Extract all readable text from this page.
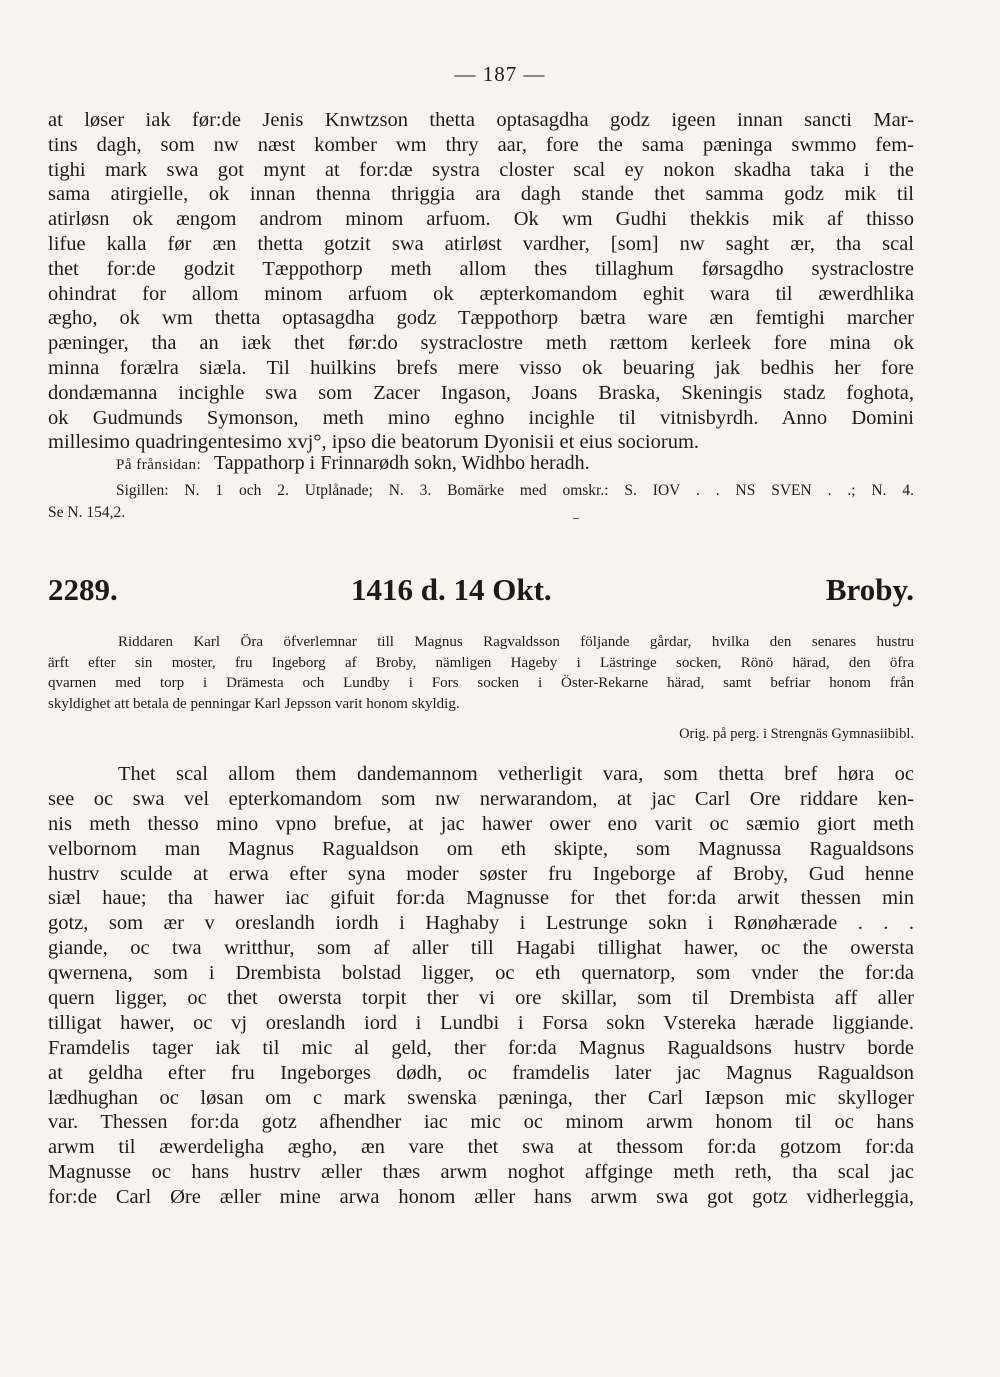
— 187 —
at løser iak før:de Jenis Knwtzson thetta optasagdha godz igeen innan sancti Mar-
tins dagh, som nw næst komber wm thry aar, fore the sama pæninga swmmo fem-
tighi mark swa got mynt at for:dæ systra closter scal ey nokon skadha taka i the
sama atirgielle, ok innan thenna thriggia ara dagh stande thet samma godz mik til
atirløsn ok ængom androm minom arfuom. Ok wm Gudhi thekkis mik af thisso
lifue kalla før æn thetta gotzit swa atirløst vardher, [som] nw saght ær, tha scal
thet for:de godzit Tæppothorp meth allom thes tillaghum førsagdho systraclostre
ohindrat for allom minom arfuom ok æpterkomandom eghit wara til æwerdhlika
ægho, ok wm thetta optasagdha godz Tæppothorp bætra ware æn femtighi marcher
pæninger, tha an iæk thet før:do systraclostre meth rættom kerleek fore mina ok
minna forælra siæla. Til huilkins brefs mere visso ok beuaring jak bedhis her fore
dondæmanna incighle swa som Zacer Ingason, Joans Braska, Skeningis stadz foghota,
ok Gudmunds Symonson, meth mino eghno incighle til vitnisbyrdh. Anno Domini
millesimo quadringentesimo xvj°, ipso die beatorum Dyonisii et eius sociorum.
På frånsidan: Tappathorp i Frinnarødh sokn, Widhbo heradh.
Sigillen: N. 1 och 2. Utplånade; N. 3. Bomärke med omskr.: S. IOV . . NS SVEN . .; N. 4.
Se N. 154,2.
2289.	1416 d. 14 Okt.	Broby.
Riddaren Karl Öra öfverlemnar till Magnus Ragvaldsson följande gårdar, hvilka den senares hustru
ärft efter sin moster, fru Ingeborg af Broby, nämligen Hageby i Lästringe socken, Rönö härad, den öfra
qvarnen med torp i Drämesta och Lundby i Fors socken i Öster-Rekarne härad, samt befriar honom från
skyldighet att betala de penningar Karl Jepsson varit honom skyldig.
Orig. på perg. i Strengnäs Gymnasiibibl.
Thet scal allom them dandemannom vetherligit vara, som thetta bref høra oc
see oc swa vel epterkomandom som nw nerwarandom, at jac Carl Ore riddare ken-
nis meth thesso mino vpno brefue, at jac hawer ower eno varit oc sæmio giort meth
velbornom man Magnus Ragualdson om eth skipte, som Magnussa Ragualdsons
hustrv sculde at erwa efter syna moder søster fru Ingeborge af Broby, Gud henne
siæl haue; tha hawer iac gifuit for:da Magnusse for thet for:da arwit thessen min
gotz, som ær v oreslandh iordh i Haghaby i Lestrunge sokn i Rønøhærade . . .
giande, oc twa writthur, som af aller till Hagabi tillighat hawer, oc the owersta
qwernena, som i Drembista bolstad ligger, oc eth quernatorp, som vnder the for:da
quern ligger, oc thet owersta torpit ther vi ore skillar, som til Drembista aff aller
tilligat hawer, oc vj oreslandh iord i Lundbi i Forsa sokn Vstereka hærade liggiande.
Framdelis tager iak til mic al geld, ther for:da Magnus Ragualdsons hustrv borde
at geldha efter fru Ingeborges dødh, oc framdelis later jac Magnus Ragualdson
lædhughan oc løsan om c mark swenska pæninga, ther Carl Iæpson mic skylloger
var. Thessen for:da gotz afhendher iac mic oc minom arwm honom til oc hans
arwm til æwerdeligha ægho, æn vare thet swa at thessom for:da gotzom for:da
Magnusse oc hans hustrv æller thæs arwm noghot affginge meth reth, tha scal jac
for:de Carl Øre æller mine arwa honom æller hans arwm swa got gotz vidherleggia,
